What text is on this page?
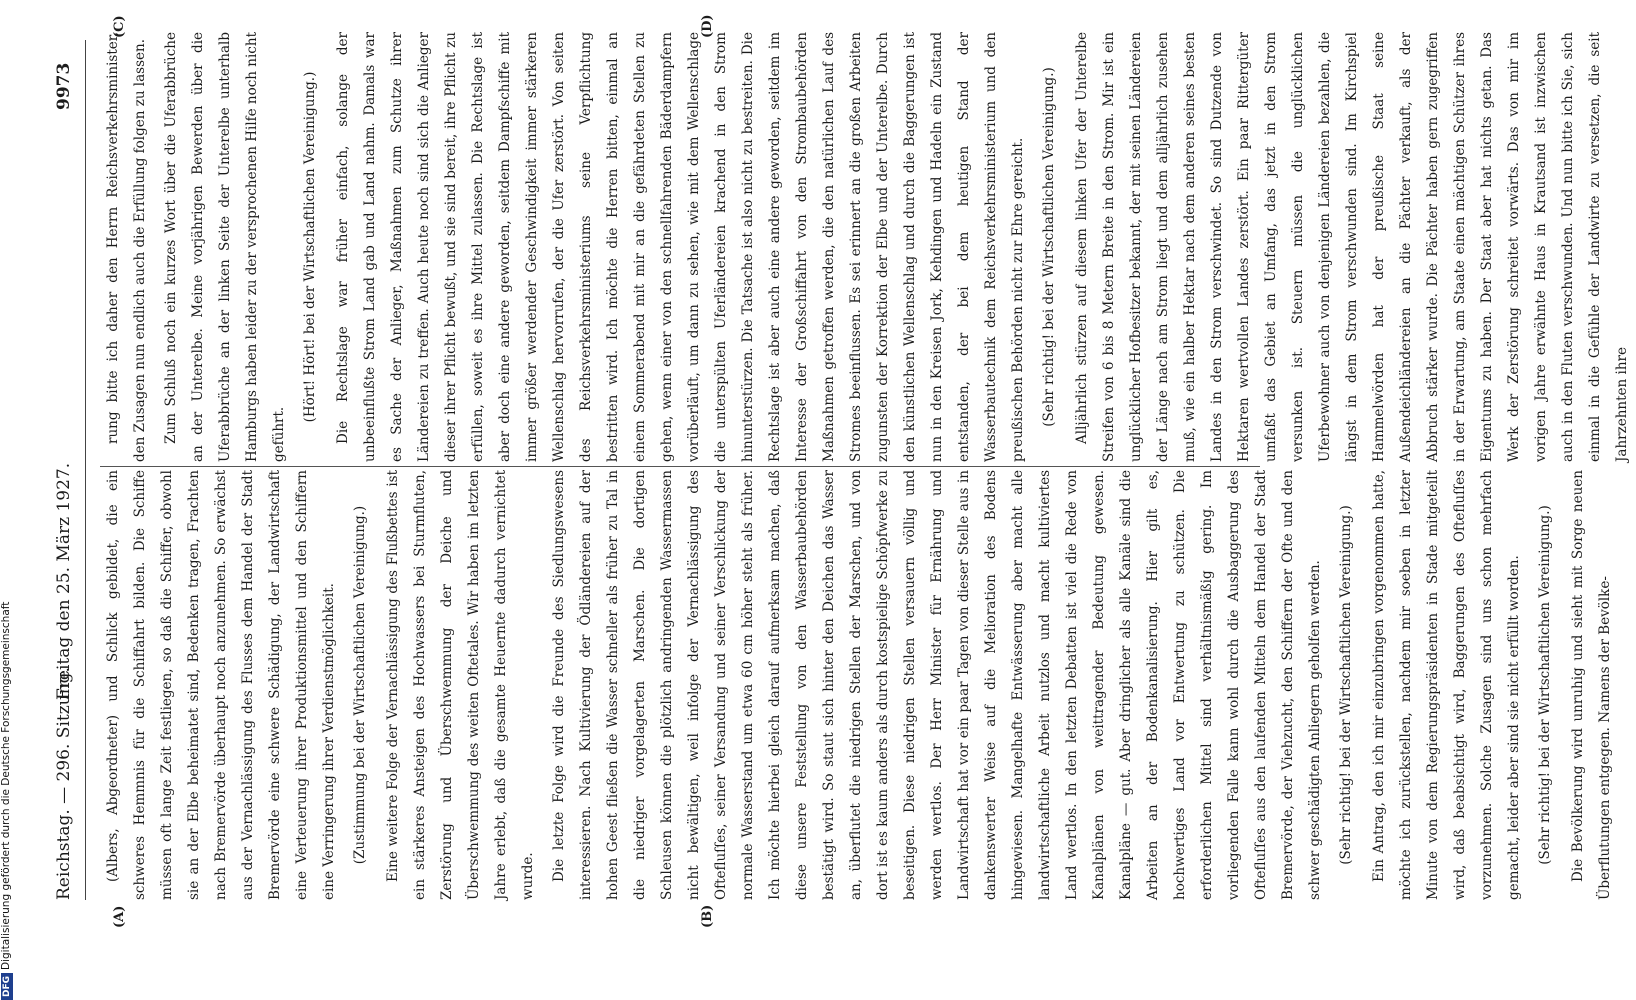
Reichstag. — 296. Sitzung.
Freitag den 25. März 1927.
9973
(A)	(B)
(C)	(D)

(Albers, Abgeordneter) und Schlick gebildet, die ein schweres Hemmnis für die Schiffahrt bilden. Die Schiffe müssen oft lange Zeit festliegen, so daß die Schiffer, obwohl sie an der Elbe beheimatet sind, Bedenken tragen, Frachten nach Bremervörde überhaupt noch anzunehmen. So erwächst aus der Vernachlässigung des Flusses dem Handel der Stadt Bremervörde eine schwere Schädigung, der Landwirtschaft eine Verteuerung ihrer Produktionsmittel und den Schiffern eine Verringerung ihrer Verdienstmöglichkeit.	(Zustimmung bei der Wirtschaftlichen Vereinigung.)	Eine weitere Folge der Vernachlässigung des Flußbettes ist ein stärkeres Ansteigen des Hochwassers bei Sturmfluten, Zerstörung und Überschwemmung der Deiche und Überschwemmung des weiten Oftetales. Wir haben im letzten Jahre erlebt, daß die gesamte Heuernte dadurch vernichtet wurde.	Die letzte Folge wird die Freunde des Siedlungswesens interessieren. Nach Kultivierung der Ödländereien auf der hohen Geest fließen die Wasser schneller als früher zu Tal in die niedriger vorgelagerten Marschen. Die dortigen Schleusen können die plötzlich andringenden Wassermassen nicht bewältigen, weil infolge der Vernachlässigung des Oftefluſſes, seiner Versandung und seiner Verschlickung der normale Wasserstand um etwa 60 cm höher steht als früher. Ich möchte hierbei gleich darauf aufmerksam machen, daß diese unsere Feststellung von den Wasserbaubehörden bestätigt wird. So staut sich hinter den Deichen das Wasser an, überflutet die niedrigen Stellen der Marschen, und von dort ist es kaum anders als durch kostspielige Schöpfwerke zu beseitigen. Diese niedrigen Stellen versauern völlig und werden wertlos. Der Herr Minister für Ernährung und Landwirtschaft hat vor ein paar Tagen von dieser Stelle aus in dankenswerter Weise auf die Melioration des Bodens hingewiesen. Mangelhafte Entwässerung aber macht alle landwirtschaftliche Arbeit nutzlos und macht kultiviertes Land wertlos. In den letzten Debatten ist viel die Rede von Kanalplänen von weittragender Bedeutung gewesen. Kanalpläne — gut. Aber dringlicher als alle Kanäle sind die Arbeiten an der Bodenkanalisierung. Hier gilt es, hochwertiges Land vor Entwertung zu schützen. Die erforderlichen Mittel sind verhältnismäßig gering. Im vorliegenden Falle kann wohl durch die Ausbaggerung des Oftefluſſes aus den laufenden Mitteln dem Handel der Stadt Bremervörde, der Viehzucht, den Schiffern der Ofte und den schwer geschädigten Anliegern geholfen werden.	(Sehr richtig! bei der Wirtschaftlichen Vereinigung.)	Ein Antrag, den ich mir einzubringen vorgenommen hatte, möchte ich zurückstellen, nachdem mir soeben in letzter Minute von dem Regierungspräsidenten in Stade mitgeteilt wird, daß beabsichtigt wird, Baggerungen des Oftefluſſes vorzunehmen. Solche Zusagen sind uns schon mehrfach gemacht, leider aber sind sie nicht erfüllt worden.	(Sehr richtig! bei der Wirtschaftlichen Vereinigung.)	Die Bevölkerung wird unruhig und sieht mit Sorge neuen Überflutungen entgegen. Namens der Bevölke-

rung bitte ich daher den Herrn Reichsverkehrsminister, den Zusagen nun endlich auch die Erfüllung folgen zu lassen.	Zum Schluß noch ein kurzes Wort über die Uferabbrüche an der Unterelbe. Meine vorjährigen Bewerden über die Uferabbrüche an der linken Seite der Unterelbe unterhalb Hamburgs haben leider zu der versprochenen Hilfe noch nicht geführt.

(Hört! Hört! bei der Wirtschaftlichen Vereinigung.)	Die Rechtslage war früher einfach, solange der unbeeinflußte Strom Land gab und Land nahm. Damals war es Sache der Anlieger, Maßnahmen zum Schutze ihrer Ländereien zu treffen. Auch heute noch sind sich die Anlieger dieser ihrer Pflicht bewußt, und sie sind bereit, ihre Pflicht zu erfüllen, soweit es ihre Mittel zulassen. Die Rechtslage ist aber doch eine andere geworden, seitdem Dampfschiffe mit immer größer werdender Geschwindigkeit immer stärkeren Wellenschlag hervorrufen, der die Ufer zerstört. Von seiten des Reichsverkehrsministeriums seine Verpflichtung bestritten wird. Ich möchte die Herren bitten, einmal an einem Sommerabend mit mir an die gefährdeten Stellen zu gehen, wenn einer von den schnellfahrenden Bäderdampfern vorüberläuft, um dann zu sehen, wie mit dem Wellenschlage die unterspülten Uferländereien krachend in den Strom hinunterstürzen. Die Tatsache ist also nicht zu bestreiten. Die Rechtslage ist aber auch eine andere geworden, seitdem im Interesse der Großschiffahrt von den Strombaubehörden Maßnahmen getroffen werden, die den natürlichen Lauf des Stromes beeinflussen. Es sei erinnert an die großen Arbeiten zugunsten der Korrektion der Elbe und der Unterelbe. Durch den künstlichen Wellenschlag und durch die Baggerungen ist nun in den Kreisen Jork, Kehdingen und Hadeln ein Zustand entstanden, der bei dem heutigen Stand der Wasserbautechnik dem Reichsverkehrsministerium und den preußischen Behörden nicht zur Ehre gereicht.	(Sehr richtig! bei der Wirtschaftlichen Vereinigung.)	Alljährlich stürzen auf diesem linken Ufer der Unterelbe Streifen von 6 bis 8 Metern Breite in den Strom. Mir ist ein unglücklicher Hofbesitzer bekannt, der mit seinen Ländereien der Länge nach am Strom liegt und dem alljährlich zusehen muß, wie ein halber Hektar nach dem anderen seines besten Landes in den Strom verschwindet. So sind Dutzende von Hektaren wertvollen Landes zerstört. Ein paar Rittergüter umfaßt das Gebiet an Umfang, das jetzt in den Strom versunken ist. Steuern müssen die unglücklichen Uferbewohner auch von denjenigen Ländereien bezahlen, die längst in dem Strom verschwunden sind. Im Kirchspiel Hammelwörden hat der preußische Staat seine Außendeichländereien an die Pächter verkauft, als der Abbruch stärker wurde. Die Pächter haben gern zugegriffen in der Erwartung, am Staate einen mächtigen Schützer ihres Eigentums zu haben. Der Staat aber hat nichts getan. Das Werk der Zerstörung schreitet vorwärts. Das von mir im vorigen Jahre erwähnte Haus in Krautsand ist inzwischen auch in den Fluten verschwunden. Und nun bitte ich Sie, sich einmal in die Gefühle der Landwirte zu versetzen, die seit Jahrzehnten ihre

DFGDigitalisierung gefördert durch die Deutsche Forschungsgemeinschaft
